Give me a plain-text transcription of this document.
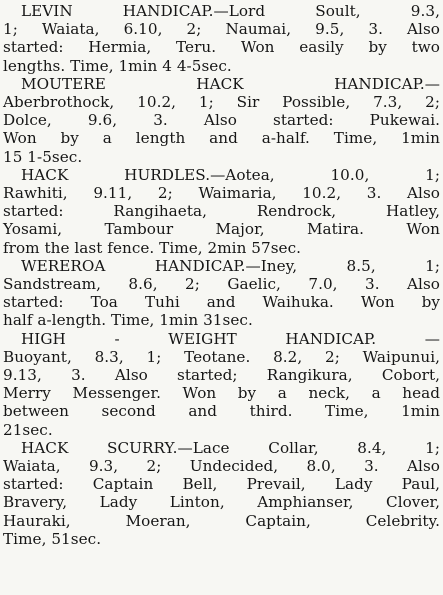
LEVIN HANDICAP.—Lord Soult, 9.3,
1; Waiata, 6.10, 2; Naumai, 9.5, 3. Also
started: Hermia, Teru. Won easily by two
lengths. Time, 1min 4 4-5sec.
MOUTERE HACK HANDICAP.—
Aberbrothock, 10.2, 1; Sir Possible, 7.3, 2;
Dolce, 9.6, 3. Also started: Pukewai.
Won by a length and a-half. Time, 1min
15 1-5sec.
HACK HURDLES.—Aotea, 10.0, 1;
Rawhiti, 9.11, 2; Waimaria, 10.2, 3. Also
started: Rangihaeta, Rendrock, Hatley,
Yosami, Tambour Major, Matira. Won
from the last fence. Time, 2min 57sec.
WEREROA HANDICAP.—Iney, 8.5, 1;
Sandstream, 8.6, 2; Gaelic, 7.0, 3. Also
started: Toa Tuhi and Waihuka. Won by
half a-length. Time, 1min 31sec.
HIGH - WEIGHT HANDICAP. —
Buoyant, 8.3, 1; Teotane. 8.2, 2; Waipunui,
9.13, 3. Also started; Rangikura, Cobort,
Merry Messenger. Won by a neck, a head
between second and third. Time, 1min
21sec.
HACK SCURRY.—Lace Collar, 8.4, 1;
Waiata, 9.3, 2; Undecided, 8.0, 3. Also
started: Captain Bell, Prevail, Lady Paul,
Bravery, Lady Linton, Amphianser, Clover,
Hauraki, Moeran, Captain, Celebrity.
Time, 51sec.
